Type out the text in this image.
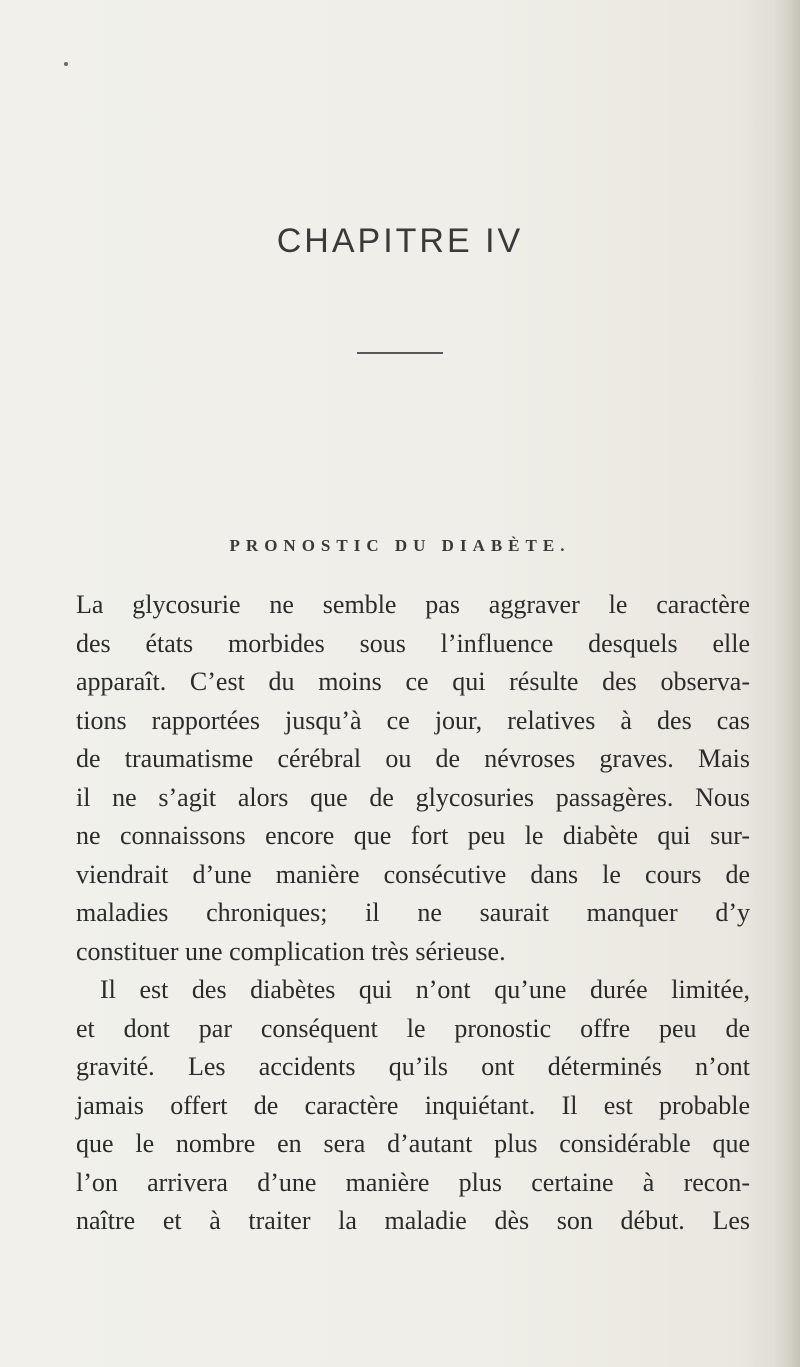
CHAPITRE IV
PRONOSTIC DU DIABÈTE.
La glycosurie ne semble pas aggraver le caractère
des états morbides sous l’influence desquels elle
apparaît. C’est du moins ce qui résulte des observa-
tions rapportées jusqu’à ce jour, relatives à des cas
de traumatisme cérébral ou de névroses graves. Mais
il ne s’agit alors que de glycosuries passagères. Nous
ne connaissons encore que fort peu le diabète qui sur-
viendrait d’une manière consécutive dans le cours de
maladies chroniques; il ne saurait manquer d’y
constituer une complication très sérieuse.
Il est des diabètes qui n’ont qu’une durée limitée,
et dont par conséquent le pronostic offre peu de
gravité. Les accidents qu’ils ont déterminés n’ont
jamais offert de caractère inquiétant. Il est probable
que le nombre en sera d’autant plus considérable que
l’on arrivera d’une manière plus certaine à recon-
naître et à traiter la maladie dès son début. Les
